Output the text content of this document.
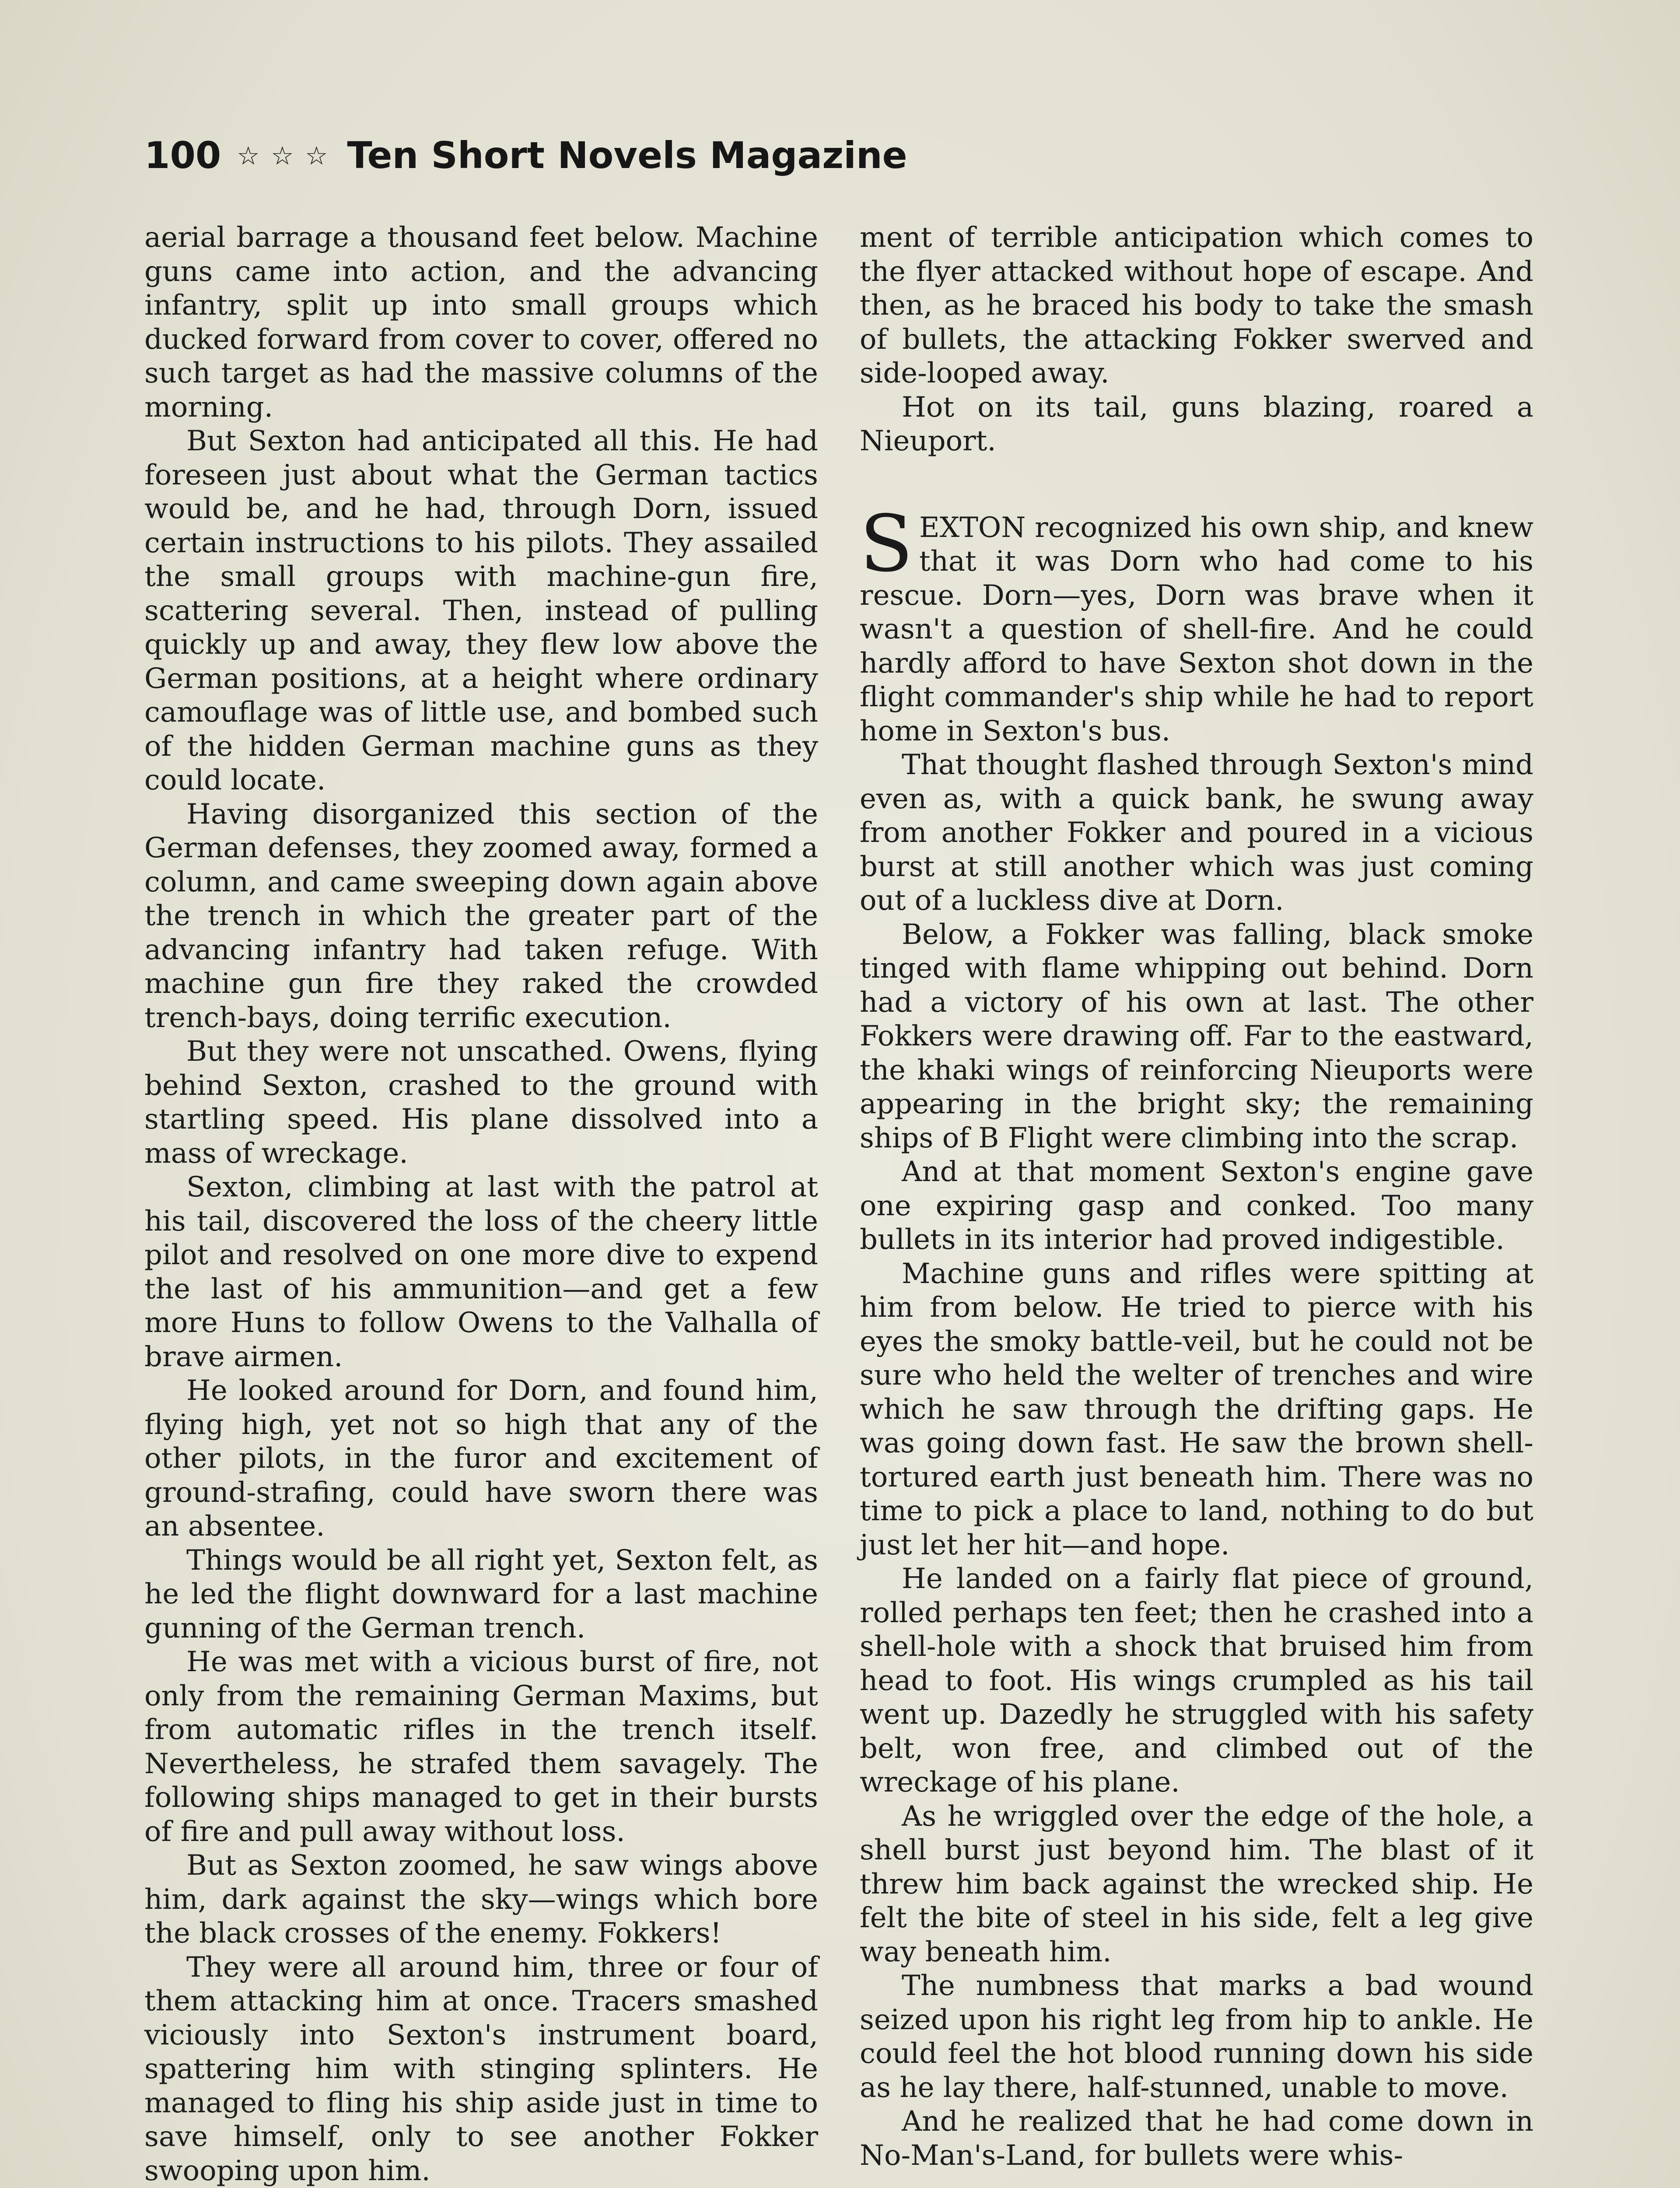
100 ☆☆☆ Ten Short Novels Magazine

aerial barrage a thousand feet below. Machine guns came into action, and the advancing infantry, split up into small groups which ducked forward from cover to cover, offered no such target as had the massive columns of the morning.

But Sexton had anticipated all this. He had foreseen just about what the German tactics would be, and he had, through Dorn, issued certain instructions to his pilots. They assailed the small groups with machine-gun fire, scattering several. Then, instead of pulling quickly up and away, they flew low above the German positions, at a height where ordinary camouflage was of little use, and bombed such of the hidden German machine guns as they could locate.

Having disorganized this section of the German defenses, they zoomed away, formed a column, and came sweeping down again above the trench in which the greater part of the advancing infantry had taken refuge. With machine gun fire they raked the crowded trench-bays, doing terrific execution.

But they were not unscathed. Owens, flying behind Sexton, crashed to the ground with startling speed. His plane dissolved into a mass of wreckage.

Sexton, climbing at last with the patrol at his tail, discovered the loss of the cheery little pilot and resolved on one more dive to expend the last of his ammunition—and get a few more Huns to follow Owens to the Valhalla of brave airmen.

He looked around for Dorn, and found him, flying high, yet not so high that any of the other pilots, in the furor and excitement of ground-strafing, could have sworn there was an absentee.

Things would be all right yet, Sexton felt, as he led the flight downward for a last machine gunning of the German trench.

He was met with a vicious burst of fire, not only from the remaining German Maxims, but from automatic rifles in the trench itself. Nevertheless, he strafed them savagely. The following ships managed to get in their bursts of fire and pull away without loss.

But as Sexton zoomed, he saw wings above him, dark against the sky—wings which bore the black crosses of the enemy. Fokkers!

They were all around him, three or four of them attacking him at once. Tracers smashed viciously into Sexton's instrument board, spattering him with stinging splinters. He managed to fling his ship aside just in time to save himself, only to see another Fokker swooping upon him.

ment of terrible anticipation which comes to the flyer attacked without hope of escape. And then, as he braced his body to take the smash of bullets, the attacking Fokker swerved and side-looped away.

Hot on its tail, guns blazing, roared a Nieuport.

SEXTON recognized his own ship, and knew that it was Dorn who had come to his rescue. Dorn—yes, Dorn was brave when it wasn't a question of shell-fire. And he could hardly afford to have Sexton shot down in the flight commander's ship while he had to report home in Sexton's bus.

That thought flashed through Sexton's mind even as, with a quick bank, he swung away from another Fokker and poured in a vicious burst at still another which was just coming out of a luckless dive at Dorn.

Below, a Fokker was falling, black smoke tinged with flame whipping out behind. Dorn had a victory of his own at last. The other Fokkers were drawing off. Far to the eastward, the khaki wings of reinforcing Nieuports were appearing in the bright sky; the remaining ships of B Flight were climbing into the scrap.

And at that moment Sexton's engine gave one expiring gasp and conked. Too many bullets in its interior had proved indigestible.

Machine guns and rifles were spitting at him from below. He tried to pierce with his eyes the smoky battle-veil, but he could not be sure who held the welter of trenches and wire which he saw through the drifting gaps. He was going down fast. He saw the brown shell-tortured earth just beneath him. There was no time to pick a place to land, nothing to do but just let her hit—and hope.

He landed on a fairly flat piece of ground, rolled perhaps ten feet; then he crashed into a shell-hole with a shock that bruised him from head to foot. His wings crumpled as his tail went up. Dazedly he struggled with his safety belt, won free, and climbed out of the wreckage of his plane.

As he wriggled over the edge of the hole, a shell burst just beyond him. The blast of it threw him back against the wrecked ship. He felt the bite of steel in his side, felt a leg give way beneath him.

The numbness that marks a bad wound seized upon his right leg from hip to ankle. He could feel the hot blood running down his side as he lay there, half-stunned, unable to move.

And he realized that he had come down in No-Man's-Land, for bullets were whis-
